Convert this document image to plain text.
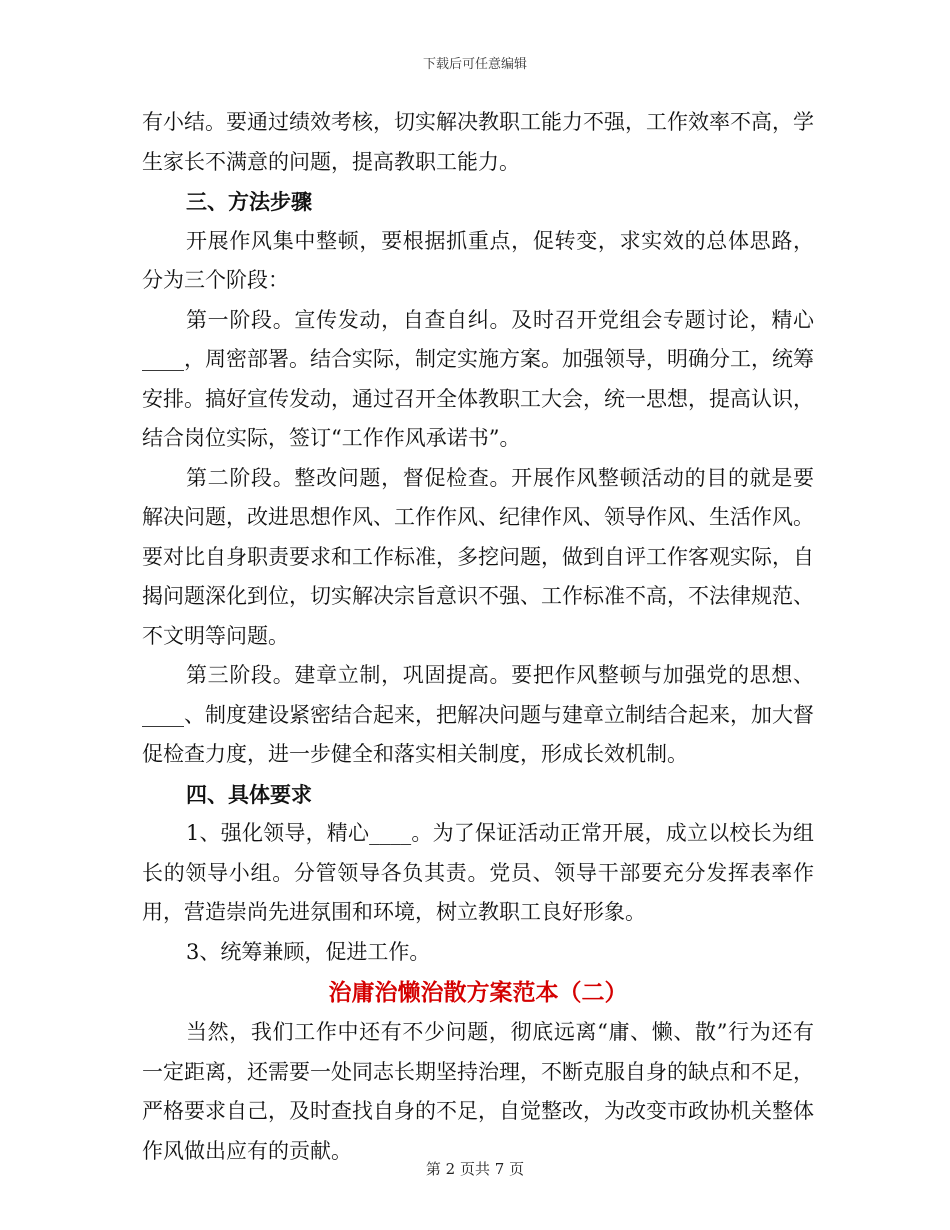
下载后可任意编辑

有小结。要通过绩效考核，切实解决教职工能力不强，工作效率不高，学生家长不满意的问题，提高教职工能力。

三、方法步骤

开展作风集中整顿，要根据抓重点，促转变，求实效的总体思路，分为三个阶段：

第一阶段。宣传发动，自查自纠。及时召开党组会专题讨论，精心____，周密部署。结合实际，制定实施方案。加强领导，明确分工，统筹安排。搞好宣传发动，通过召开全体教职工大会，统一思想，提高认识，结合岗位实际，签订“工作作风承诺书”。

第二阶段。整改问题，督促检查。开展作风整顿活动的目的就是要解决问题，改进思想作风、工作作风、纪律作风、领导作风、生活作风。要对比自身职责要求和工作标准，多挖问题，做到自评工作客观实际，自揭问题深化到位，切实解决宗旨意识不强、工作标准不高，不法律规范、不文明等问题。

第三阶段。建章立制，巩固提高。要把作风整顿与加强党的思想、____、制度建设紧密结合起来，把解决问题与建章立制结合起来，加大督促检查力度，进一步健全和落实相关制度，形成长效机制。

四、具体要求

1、强化领导，精心____。为了保证活动正常开展，成立以校长为组长的领导小组。分管领导各负其责。党员、领导干部要充分发挥表率作用，营造崇尚先进氛围和环境，树立教职工良好形象。

3、统筹兼顾，促进工作。

治庸治懒治散方案范本（二）

当然，我们工作中还有不少问题，彻底远离“庸、懒、散”行为还有一定距离，还需要一处同志长期坚持治理，不断克服自身的缺点和不足，严格要求自己，及时查找自身的不足，自觉整改，为改变市政协机关整体作风做出应有的贡献。

第 2 页共 7 页
